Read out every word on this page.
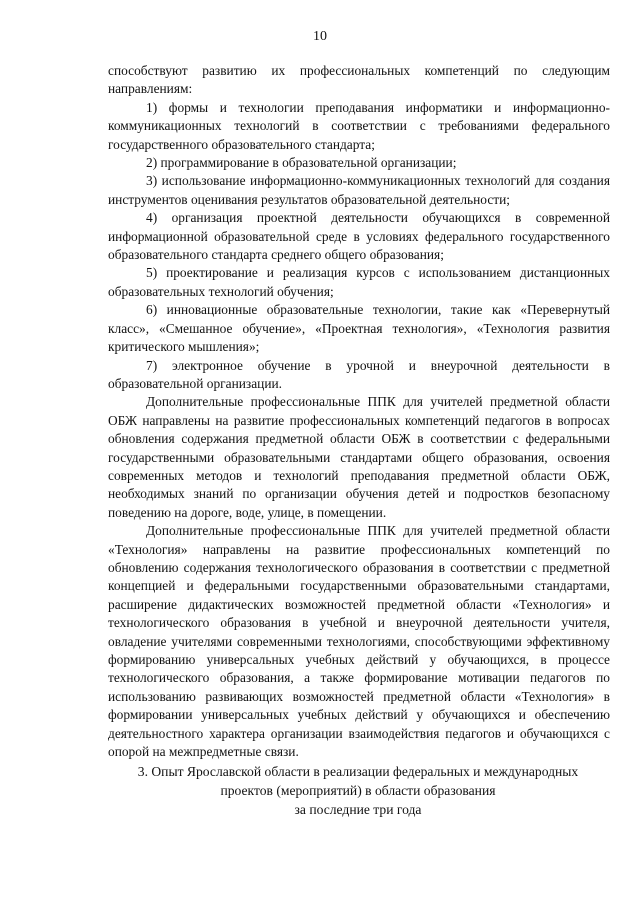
10

способствуют развитию их профессиональных компетенций по следующим направлениям:

1) формы и технологии преподавания информатики и информационно-коммуникационных технологий в соответствии с требованиями федерального государственного образовательного стандарта;

2) программирование в образовательной организации;

3) использование информационно-коммуникационных технологий для создания инструментов оценивания результатов образовательной деятельности;

4) организация проектной деятельности обучающихся в современной информационной образовательной среде в условиях федерального государственного образовательного стандарта среднего общего образования;

5) проектирование и реализация курсов с использованием дистанционных образовательных технологий обучения;

6) инновационные образовательные технологии, такие как «Перевернутый класс», «Смешанное обучение», «Проектная технология», «Технология развития критического мышления»;

7) электронное обучение в урочной и внеурочной деятельности в образовательной организации.

Дополнительные профессиональные ППК для учителей предметной области ОБЖ направлены на развитие профессиональных компетенций педагогов в вопросах обновления содержания предметной области ОБЖ в соответствии с федеральными государственными образовательными стандартами общего образования, освоения современных методов и технологий преподавания предметной области ОБЖ, необходимых знаний по организации обучения детей и подростков безопасному поведению на дороге, воде, улице, в помещении.

Дополнительные профессиональные ППК для учителей предметной области «Технология» направлены на развитие профессиональных компетенций по обновлению содержания технологического образования в соответствии с предметной концепцией и федеральными государственными образовательными стандартами, расширение дидактических возможностей предметной области «Технология» и технологического образования в учебной и внеурочной деятельности учителя, овладение учителями современными технологиями, способствующими эффективному формированию универсальных учебных действий у обучающихся, в процессе технологического образования, а также формирование мотивации педагогов по использованию развивающих возможностей предметной области «Технология» в формировании универсальных учебных действий у обучающихся и обеспечению деятельностного характера организации взаимодействия педагогов и обучающихся с опорой на межпредметные связи.

3. Опыт Ярославской области в реализации федеральных и международных
проектов (мероприятий) в области образования
за последние три года
